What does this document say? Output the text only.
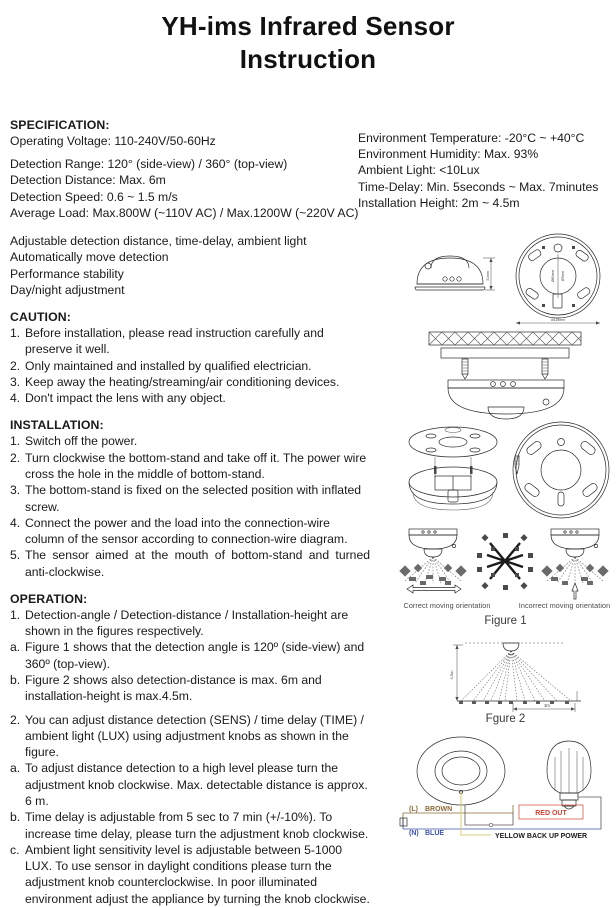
YH-ims Infrared Sensor
Instruction
SPECIFICATION:
Operating Voltage: 110-240V/50-60Hz
Detection Range: 120° (side-view) / 360° (top-view)
Detection Distance: Max. 6m
Detection Speed: 0.6 ~ 1.5 m/s
Average Load: Max.800W (~110V AC) / Max.1200W (~220V AC)
Adjustable detection distance, time-delay, ambient light
Automatically move detection
Performance stability
Day/night adjustment
CAUTION:
1. Before installation, please read instruction carefully and preserve it well.
2. Only maintained and installed by qualified electrician.
3. Keep away the heating/streaming/air conditioning devices.
4. Don't impact the lens with any object.
INSTALLATION:
1. Switch off the power.
2. Turn clockwise the bottom-stand and take off it. The power wire cross the hole in the middle of bottom-stand.
3. The bottom-stand is fixed on the selected position with inflated screw.
4. Connect the power and the load into the connection-wire column of the sensor according to connection-wire diagram.
5. The sensor aimed at the mouth of bottom-stand and turned anti-clockwise.
OPERATION:
1. Detection-angle / Detection-distance / Installation-height are shown in the figures respectively.
a. Figure 1 shows that the detection angle is 120º (side-view) and 360º (top-view).
b. Figure 2 shows also detection-distance is max. 6m and installation-height is max.4.5m.
2. You can adjust distance detection (SENS) / time delay (TIME) / ambient light (LUX) using adjustment knobs as shown in the figure.
a. To adjust distance detection to a high level please turn the adjustment knob clockwise. Max. detectable distance is approx. 6 m.
b. Time delay is adjustable from 5 sec to 7 min (+/-10%). To increase time delay, please turn the adjustment knob clockwise.
c. Ambient light sensitivity level is adjustable between 5-1000 LUX. To use sensor in daylight conditions please turn the adjustment knob counterclockwise. In poor illuminated environment adjust the appliance by turning the knob clockwise.
Environment Temperature: -20°C ~ +40°C
Environment Humidity: Max. 93%
Ambient Light: <10Lux
Time-Delay: Min. 5seconds ~ Max. 7minutes
Installation Height: 2m ~ 4.5m
31mm	Ø80mm Ø7mm
Ø115mm
Correct moving orientation	Incorrect moving orientation
Figure 1
4.5m
3m
Fgure 2
(L) BROWN
(N) BLUE
RED OUT
YELLOW BACK UP POWER
